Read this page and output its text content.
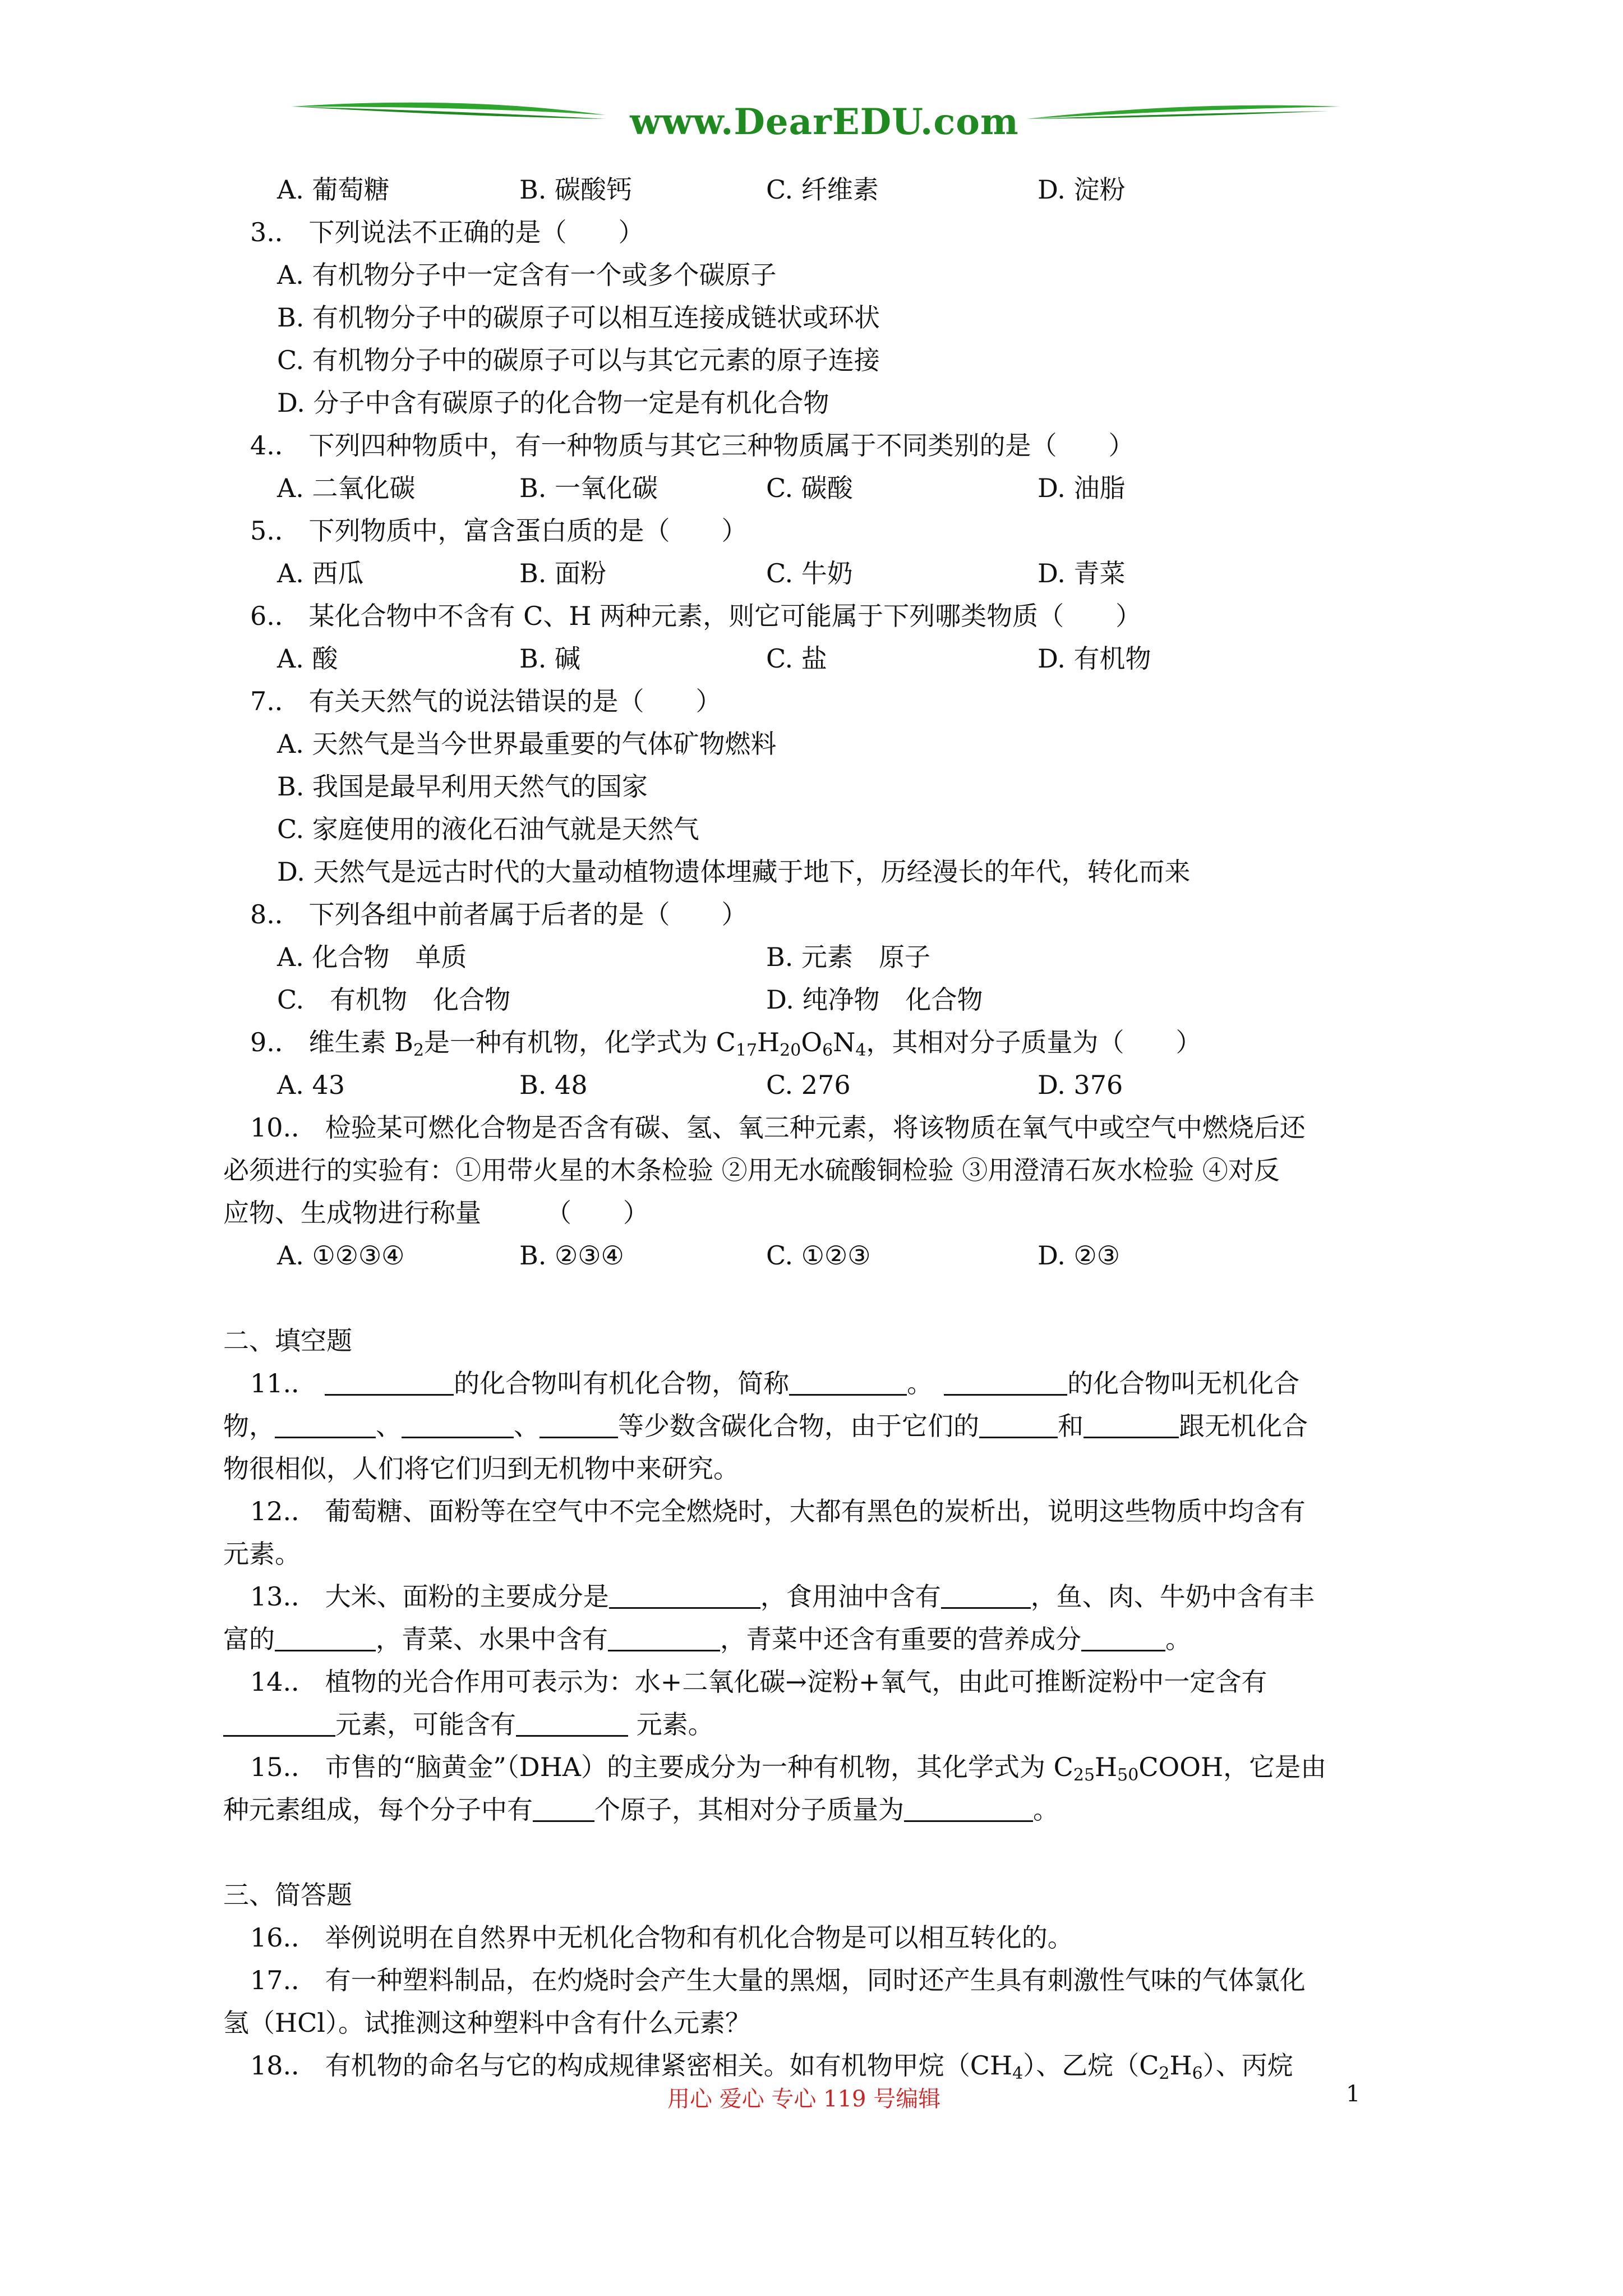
www.DearEDU.com
A. 葡萄糖	B. 碳酸钙	C. 纤维素	D. 淀粉
3.． 下列说法不正确的是（　　）
A. 有机物分子中一定含有一个或多个碳原子
B. 有机物分子中的碳原子可以相互连接成链状或环状
C. 有机物分子中的碳原子可以与其它元素的原子连接
D. 分子中含有碳原子的化合物一定是有机化合物
4.． 下列四种物质中，有一种物质与其它三种物质属于不同类别的是（　　）
A. 二氧化碳	B. 一氧化碳	C. 碳酸	D. 油脂
5.． 下列物质中，富含蛋白质的是（　　）
A. 西瓜	B. 面粉	C. 牛奶	D. 青菜
6.． 某化合物中不含有 C、H 两种元素，则它可能属于下列哪类物质（　　）
A. 酸	B. 碱	C. 盐	D. 有机物
7.． 有关天然气的说法错误的是（　　）
A. 天然气是当今世界最重要的气体矿物燃料
B. 我国是最早利用天然气的国家
C. 家庭使用的液化石油气就是天然气
D. 天然气是远古时代的大量动植物遗体埋藏于地下，历经漫长的年代，转化而来
8.． 下列各组中前者属于后者的是（　　）
A. 化合物　单质	B. 元素　原子
C.　有机物　化合物	D. 纯净物　化合物
9.． 维生素 $B_2$是一种有机物，化学式为 $C_{17}H_{20}O_6N_4$，其相对分子质量为（　　）
A. 43	B. 48	C. 276	D. 376
10.． 检验某可燃化合物是否含有碳、氢、氧三种元素，将该物质在氧气中或空气中燃烧后还
必须进行的实验有：①用带火星的木条检验 ②用无水硫酸铜检验 ③用澄清石灰水检验 ④对反
应物、生成物进行称量　　　（　　）
A. ①②③④	B. ②③④	C. ①②③	D. ②③
二、填空题
11.．	的化合物叫有机化合物，简称	。	的化合物叫无机化合
物，	、	、	等少数含碳化合物，由于它们的	和	跟无机化合
物很相似，人们将它们归到无机物中来研究。
12.． 葡萄糖、面粉等在空气中不完全燃烧时，大都有黑色的炭析出，说明这些物质中均含有
元素。
13.． 大米、面粉的主要成分是	，食用油中含有	，鱼、肉、牛奶中含有丰
富的	，青菜、水果中含有	，青菜中还含有重要的营养成分	。
14.． 植物的光合作用可表示为：水+二氧化碳→淀粉+氧气，由此可推断淀粉中一定含有
元素，可能含有	元素。
15.． 市售的“脑黄金”（DHA）的主要成分为一种有机物，其化学式为 $C_{25}H_{50}COOH$，它是由
种元素组成，每个分子中有 个原子，其相对分子质量为	。
三、简答题
16.． 举例说明在自然界中无机化合物和有机化合物是可以相互转化的。
17.． 有一种塑料制品，在灼烧时会产生大量的黑烟，同时还产生具有刺激性气味的气体氯化
氢（HCl）。试推测这种塑料中含有什么元素？
18.． 有机物的命名与它的构成规律紧密相关。如有机物甲烷$(CH_4)$、乙烷$(C_2H_6)$、丙烷
用心 爱心 专心 119 号编辑	1
